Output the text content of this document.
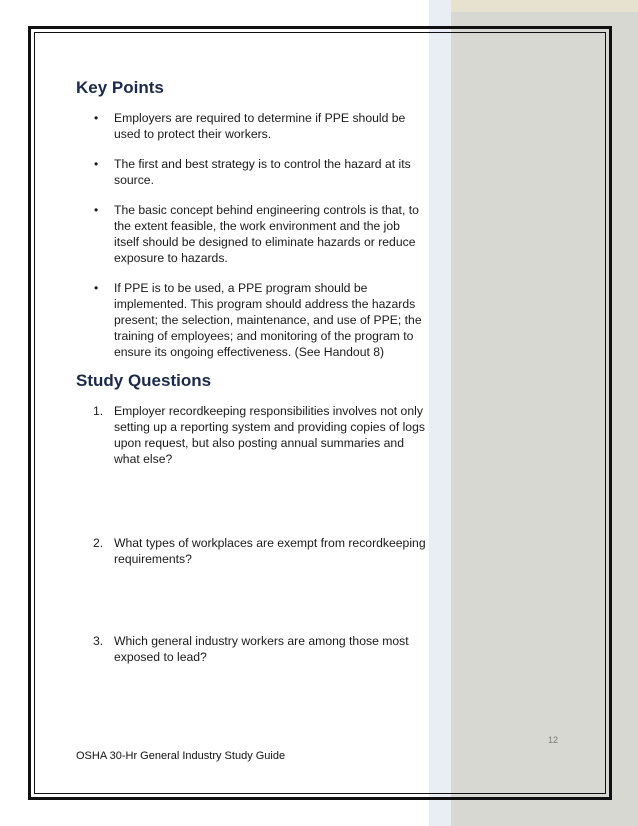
Key Points
• Employers are required to determine if PPE should be used to protect their workers.
• The first and best strategy is to control the hazard at its source.
• The basic concept behind engineering controls is that, to the extent feasible, the work environment and the job itself should be designed to eliminate hazards or reduce exposure to hazards.
• If PPE is to be used, a PPE program should be implemented. This program should address the hazards present; the selection, maintenance, and use of PPE; the training of employees; and monitoring of the program to ensure its ongoing effectiveness. (See Handout 8)
Study Questions
1. Employer recordkeeping responsibilities involves not only setting up a reporting system and providing copies of logs upon request, but also posting annual summaries and what else?
2. What types of workplaces are exempt from recordkeeping requirements?
3. Which general industry workers are among those most exposed to lead?
12
OSHA 30-Hr General Industry Study Guide
